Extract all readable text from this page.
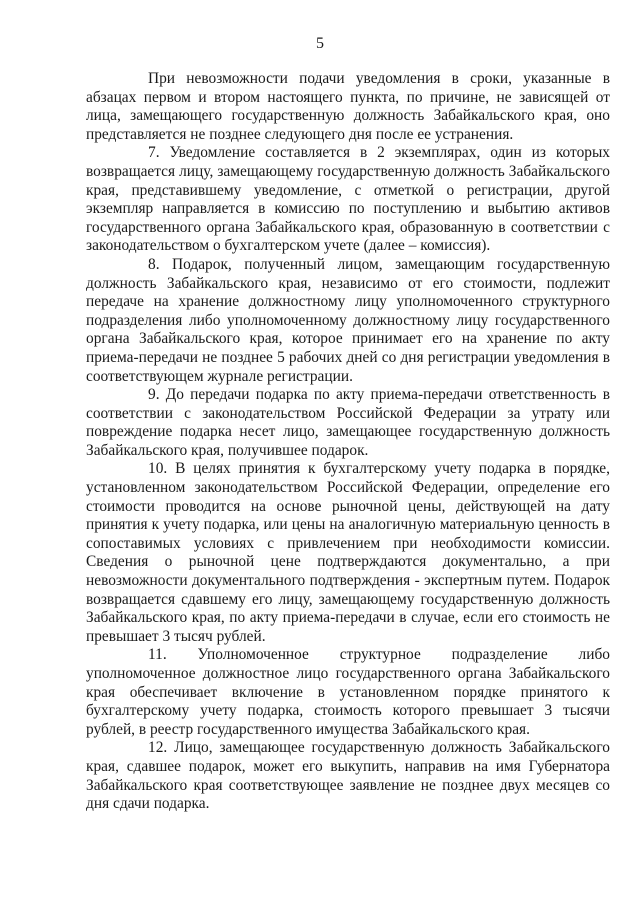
5

При невозможности подачи уведомления в сроки, указанные в абзацах первом и втором настоящего пункта, по причине, не зависящей от лица, замещающего государственную должность Забайкальского края, оно представляется не позднее следующего дня после ее устранения.

7. Уведомление составляется в 2 экземплярах, один из которых возвращается лицу, замещающему государственную должность Забайкальского края, представившему уведомление, с отметкой о регистрации, другой экземпляр направляется в комиссию по поступлению и выбытию активов государственного органа Забайкальского края, образованную в соответствии с законодательством о бухгалтерском учете (далее – комиссия).

8. Подарок, полученный лицом, замещающим государственную должность Забайкальского края, независимо от его стоимости, подлежит передаче на хранение должностному лицу уполномоченного структурного подразделения либо уполномоченному должностному лицу государственного органа Забайкальского края, которое принимает его на хранение по акту приема-передачи не позднее 5 рабочих дней со дня регистрации уведомления в соответствующем журнале регистрации.

9. До передачи подарка по акту приема-передачи ответственность в соответствии с законодательством Российской Федерации за утрату или повреждение подарка несет лицо, замещающее государственную должность Забайкальского края, получившее подарок.

10. В целях принятия к бухгалтерскому учету подарка в порядке, установленном законодательством Российской Федерации, определение его стоимости проводится на основе рыночной цены, действующей на дату принятия к учету подарка, или цены на аналогичную материальную ценность в сопоставимых условиях с привлечением при необходимости комиссии. Сведения о рыночной цене подтверждаются документально, а при невозможности документального подтверждения - экспертным путем. Подарок возвращается сдавшему его лицу, замещающему государственную должность Забайкальского края, по акту приема-передачи в случае, если его стоимость не превышает 3 тысяч рублей.

11. Уполномоченное структурное подразделение либо уполномоченное должностное лицо государственного органа Забайкальского края обеспечивает включение в установленном порядке принятого к бухгалтерскому учету подарка, стоимость которого превышает 3 тысячи рублей, в реестр государственного имущества Забайкальского края.

12. Лицо, замещающее государственную должность Забайкальского края, сдавшее подарок, может его выкупить, направив на имя Губернатора Забайкальского края соответствующее заявление не позднее двух месяцев со дня сдачи подарка.
